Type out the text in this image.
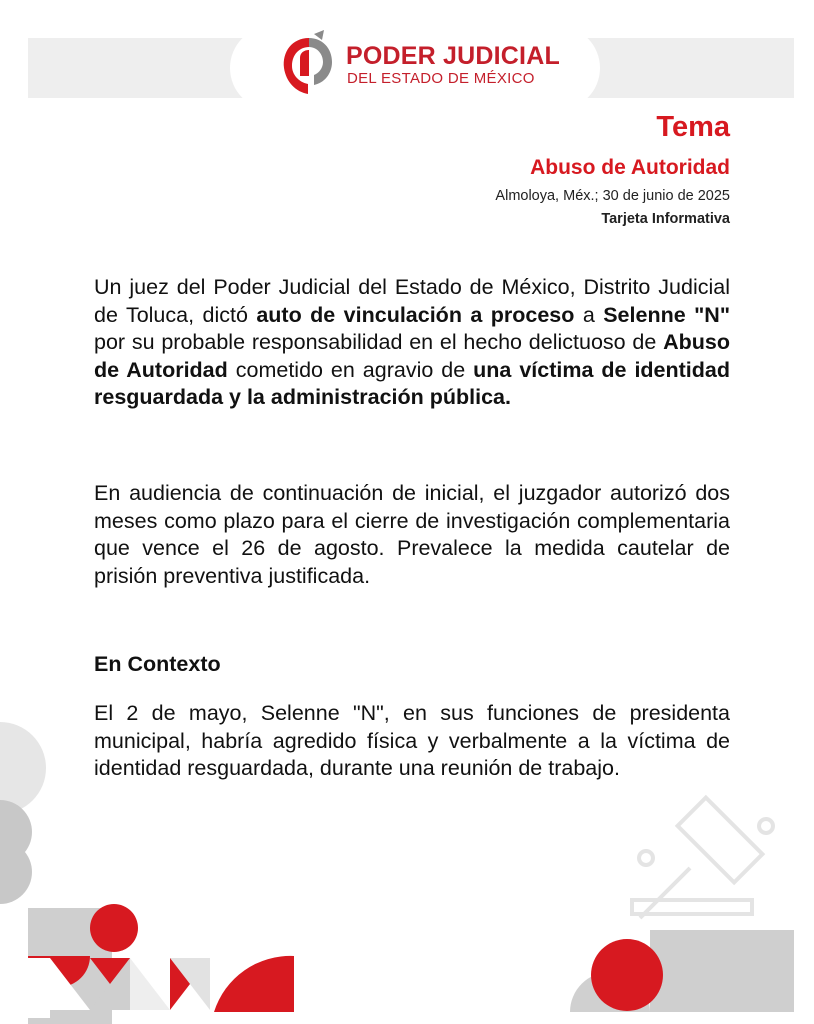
PODER JUDICIAL
DEL ESTADO DE MÉXICO
Tema
Abuso de Autoridad
Almoloya, Méx.; 30 de junio de 2025
Tarjeta Informativa
Un juez del Poder Judicial del Estado de México, Distrito Judicial de Toluca, dictó auto de vinculación a proceso a Selenne "N" por su probable responsabilidad en el hecho delictuoso de Abuso de Autoridad cometido en agravio de una víctima de identidad resguardada y la administración pública.
En audiencia de continuación de inicial, el juzgador autorizó dos meses como plazo para el cierre de investigación complementaria que vence el 26 de agosto. Prevalece la medida cautelar de prisión preventiva justificada.
En Contexto
El 2 de mayo, Selenne "N", en sus funciones de presidenta municipal, habría agredido física y verbalmente a la víctima de identidad resguardada, durante una reunión de trabajo.
